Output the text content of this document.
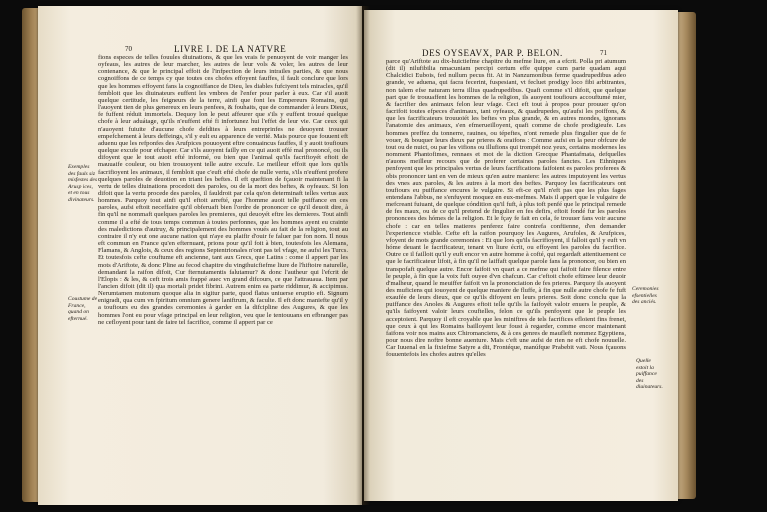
70	LIVRE I. DE LA NATVRE

fions especes de telles fouules diuinations, & que les vrais fe penuoyent de voir manger les oyfeaus, les autres de leur marcher, les autres de leur vols & voler, les autres de leur contenance, & que le principal effoit de l'infpection de leurs intrailes parties, & que nous cognoiffons de ce temps cy que toutes ces chofes effoyent fauffes, il fault conclure que lors que les hommes effoyent fans la cognoiffance de Dieu, les diables fufciyent tels miracles, qu'il fembloit que les diuinateurs euffent les vmbres de l'enfer pour parler à eux. Car s'il auoit quelque certitude, les feigneurs de la terre, ainfi que font les Empereurs Romains, qui l'auoyent tien de plus genereux en leurs penfees, & fouhaits, que de commander à leurs Dieux, fe fuffent réduit immortels. Dequoy lon le peut affeurer que s'ils y euffent trouué quelque chofe à leur aduátage, qu'ils n'euffent efté fi infortunez hui l'effet de leur vie. Car ceux qui n'auoyent fuiuite d'aucune chofe defdites à leurs entreprinfes ne deuoyent trouuer empefchement à leurs deffeings, s'il y eult eu apparence de verité. Mais pource que fouuent eft aduenu que les refponfes des Arufpices pouuoyent eftre conuaincus fauffes, il y auoit toufiours quelque excufe pour efchaper. Car s'ils auoyent failly en ce qui auoit effé mal prononcé, ou ils difoyent que le tout auoit efté informé, ou bien que l'animal qu'ils facrifioyét eftoit de mauuaife couleur, ou bien trouuoyent telle autre excufe. Le meilleur effoit que lors qu'ils facrifioyent les animaux, il fembloit que c'euft efté chofe de nulle vertu, s'ils n'euffent profere quelques paroles de deuotion en triant les beftes. Il eft queftion de fçauoir maintenant fi la vertu de telles diuinations procedoit des paroles, ou de la mort des beftes, & oyfeaux. Si lon difoit que la vertu procede des paroles, il fauldroit par cela qu'on determinaft telles vertus aux hommes. Parquoy tout ainfi qu'il eftoit arrefté, que l'homme auoit telle puiffance en ces paroles, aufsi eftoit neceffaire qu'il obferuaft bien l'ordre de prononcer ce qu'il deuoit dire, à fin qu'il ne nommaft quelques paroles les premieres, qui deuoyét eftre les dernieres. Tout ainfi comme il a efté de tous temps commun à toutes perfonnes, que les hommes ayent eu crainte des maledictions d'autruy, & principalement des hommes voués au fait de la religion, tout au contraire il n'y eut one aucune nation qui n'aye eu plaifir d'ouir fe faluer par fon nom. Il nous eft commun en France qu'en efternuant, prions pour qu'il foit à bien, toutesfois les Alemans, Flamans, & Anglois, & ceux des regions Septentrionales n'ont pas tel vfage, ne aufsi les Turcs. Et toutesfois cefte couftume eft ancienne, tant aux Grecs, que Latins : come il appert par les mots d'Ariftote, & donc Pline au fecod chapitre du vingthuicfiefme liure de l'hiftoire naturelle, demandant la raifon difoit, Cur fternutamentis falutamur? & donc l'autheur qui l'efcrit de l'Elopis : & les, & ceft trois amis frappé auec vn grand difcours, ce que l'attrauaua. Item par l'ancien difoit (dit il) qua mortali pridet fibrini. Autrem enim ea parte riddimur, & accipimus. Nerumtamen mutonum quoque alia in sigitur parte, quod flatus uniuerse eruptio efi. Signum enigradi, qua cum vn fpiritum omnium genere laniftrum, & faculte. Il eft donc maniefte qu'il y a toufiours eu des grandes ceremonies à garder en la difcipline des Augures, & que les hommes l'ont eu pour vfage principal en leur religion, veu que le tentouuans en efbranger pas ne cefloyent pour tant de faire tel facrifice, comme il appert par ce

Exemples des fauls siz misfestes des Arusp ices, et en tous divinateurs.
Coustume de France, quand on efternué.
DES OYSEAVX, PAR P. BELON.	71

parce qu'Ariftote au dix-huictiefme chapitre du mefme liure, en a efcrit. Polla pri atumum (dit il) nilufibilia nmacuniam percipi certum effe quippe cum parte quadam aqui Chalcidici Eubois, fed nullum pecus fit. At in Nanzumonibus ferme quadrupedibus adeo grande, ve aduena, qui facra fecerint, fuspesiant, vt fecluet prodigy loco fibi arbitrantes, non talem efse naturam terra illius quadrupedibus. Quafi comme s'il difoit, que quelque part que fe trouuaffent les hommes de la religion, ils auoyent toufiours accouftumé mier, & facrifier des animaux felon leur vfage. Ceci eft tout à propos pour prouuer qu'on facrifoit toutes efpeces d'animaux, tant oyfeaux, & quadrupedes, qu'aufsi les poiffons, & que les facrificateurs trouuoiét les beftes vn plus grande, & en autres mondes, ignorans l'anatomie des animaux, s'en efmerueilloyent, quafi comme de chofe prodigieufe. Les hommes preffez du tonnerre, rauines, ou tépeftes, n'ont remede plus fingulier que de fe vouer, & bouquer leurs dieux par prieres & oraifons : Comme aufsi en la peur obfcure de tout ou de nuict, ou par les vifions ou illufions qui trompét noz yeux, certains modernes les nomment Phantofimes, rennaes et mot de la diction Grecque Phantafmata, defquelles n'auons meilleur recours que de proferer certaines paroles fanctes. Les Ethniques penfoyent que les principales vertus de leurs facrifications faifoient es paroles proferees & obis prononcer tant en ven de mieux qu'en autre maniere: les autres imputoyent les vertus des vnes aux paroles, & les autres à la mort des beftes. Parquoy les facrificateurs ont toufiours eu puiffance encures le vulgaire. Si eft-ce qu'il n'eft pas que les plus fages entendans l'abbus, ne s'enfuyent moquez en eux-mefmes. Mais il appert que le vulgaire de mefcreant fuiuant, de quelque cóndition qu'il fuft, à plus toft penfé que le principal remede de fes maux, ou de ce qu'il pretend de fingulier en fes defirs, eftoit fondé fur les paroles prononcees des hómes de la religion. Et le fçay fe fait en cela, fe trouuer fans voir aucune chofe : car en telles matieres penferez faire contrefa conftienne, d'en demander l'experiencce visible. Cefte eft la raifon pourquoy les Augures, Arufoles, & Arufpices, vfoyent de mots grande ceremonies : Et que lors qu'ils facrifioyent, il falloit qu'il y euft vn hóme deuant le facrificateur, tenant vn liure écrit, ou effoyent les paroles du facrifice. Outre ce il failloit qu'il y euft encor vn autre homme à cofté, qui regardaft attentiuement ce que le facrificateur lifoit, à fin qu'il ne laiffaft quelque parole fans la prononcer, ou bien en transpofaft quelque autre. Encor faifoit vn quart a ce mefme qui faifoit faire filence entre le peuple, à fin que la voix fuft ouyee d'vn chafcun. Car c'eftoit chofe eftimee leur deuoir d'malheur, quand le meuiffer faifoit vn la prononciation de fes prieres. Parquoy ils auoyent des muficiens qui iouoyent de quelque maniere de fluffe, à fin que nulle autre chofe fe fuft exaufée de leurs dieux, que ce qu'ils difoyent en leurs prieres. Soit donc conclu que la puiffance des Anoles & Augures eftoit telle qu'ils la faifoyét valoir enuers le peuple, & qu'ils faifoyent valoir leurs couftelles, felon ce qu'ils penfoyent que le peuple les acceptoient. Parquoy il eft croyable que les miniftres de tels facrifices efloient fins frenet, que ceux à qui les Romains bailloyent leur foust à regarder, comme encor maintenant faifons voir nos mains aux Chiromanciens, & à ces genres de maufleft nommez Egyptiens, pour nous dire noftre bonne auenture. Mais c'eft une aufsi de rien ne eft chofe nouuelle. Car Iuuenal en la fixiefme Satyre a dit, Frontéque, manúfque Prabebit vati. Nous fçauons fouuentefois les chofes autres qu'elles

Ceremonies efsentielles des anciés.
Quelle estoit la puiffance des diuinateurs.
